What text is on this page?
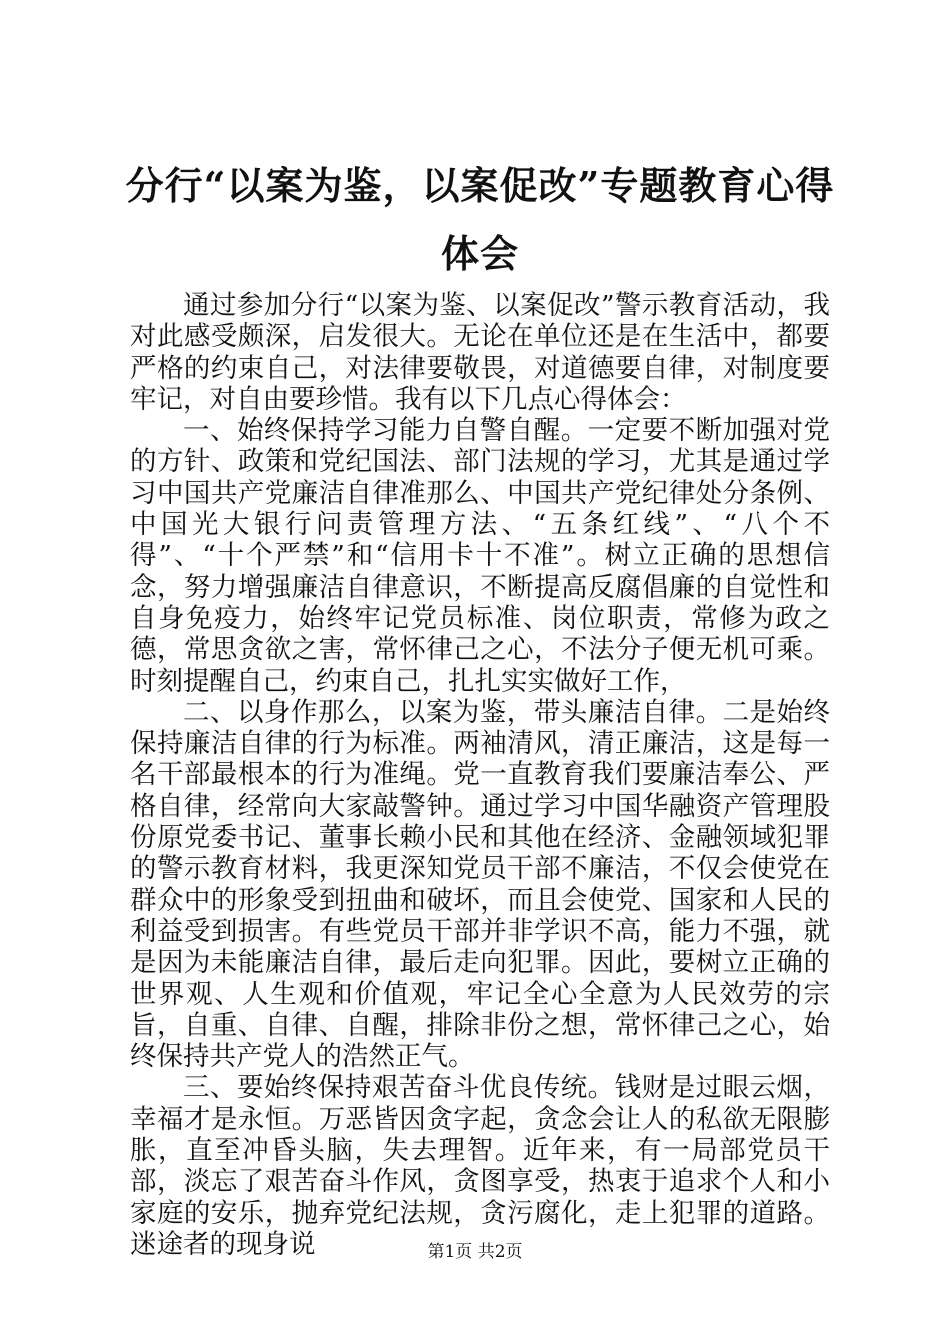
分行“以案为鉴，以案促改”专题教育心得体会

通过参加分行“以案为鉴、以案促改”警示教育活动，我对此感受颇深，启发很大。无论在单位还是在生活中，都要严格的约束自己，对法律要敬畏，对道德要自律，对制度要牢记，对自由要珍惜。我有以下几点心得体会：

一、始终保持学习能力自警自醒。一定要不断加强对党的方针、政策和党纪国法、部门法规的学习，尤其是通过学习中国共产党廉洁自律准那么、中国共产党纪律处分条例、中国光大银行问责管理方法、“五条红线”、“八个不得”、“十个严禁”和“信用卡十不准”。树立正确的思想信念，努力增强廉洁自律意识，不断提高反腐倡廉的自觉性和自身免疫力，始终牢记党员标准、岗位职责，常修为政之德，常思贪欲之害，常怀律己之心，不法分子便无机可乘。时刻提醒自己，约束自己，扎扎实实做好工作，

二、以身作那么，以案为鉴，带头廉洁自律。二是始终保持廉洁自律的行为标准。两袖清风，清正廉洁，这是每一名干部最根本的行为准绳。党一直教育我们要廉洁奉公、严格自律，经常向大家敲警钟。通过学习中国华融资产管理股份原党委书记、董事长赖小民和其他在经济、金融领域犯罪的警示教育材料，我更深知党员干部不廉洁，不仅会使党在群众中的形象受到扭曲和破坏，而且会使党、国家和人民的利益受到损害。有些党员干部并非学识不高，能力不强，就是因为未能廉洁自律，最后走向犯罪。因此，要树立正确的世界观、人生观和价值观，牢记全心全意为人民效劳的宗旨，自重、自律、自醒，排除非份之想，常怀律己之心，始终保持共产党人的浩然正气。

三、要始终保持艰苦奋斗优良传统。钱财是过眼云烟，幸福才是永恒。万恶皆因贪字起，贪念会让人的私欲无限膨胀，直至冲昏头脑，失去理智。近年来，有一局部党员干部，淡忘了艰苦奋斗作风，贪图享受，热衷于追求个人和小家庭的安乐，抛弃党纪法规，贪污腐化，走上犯罪的道路。迷途者的现身说	第1页 共2页
